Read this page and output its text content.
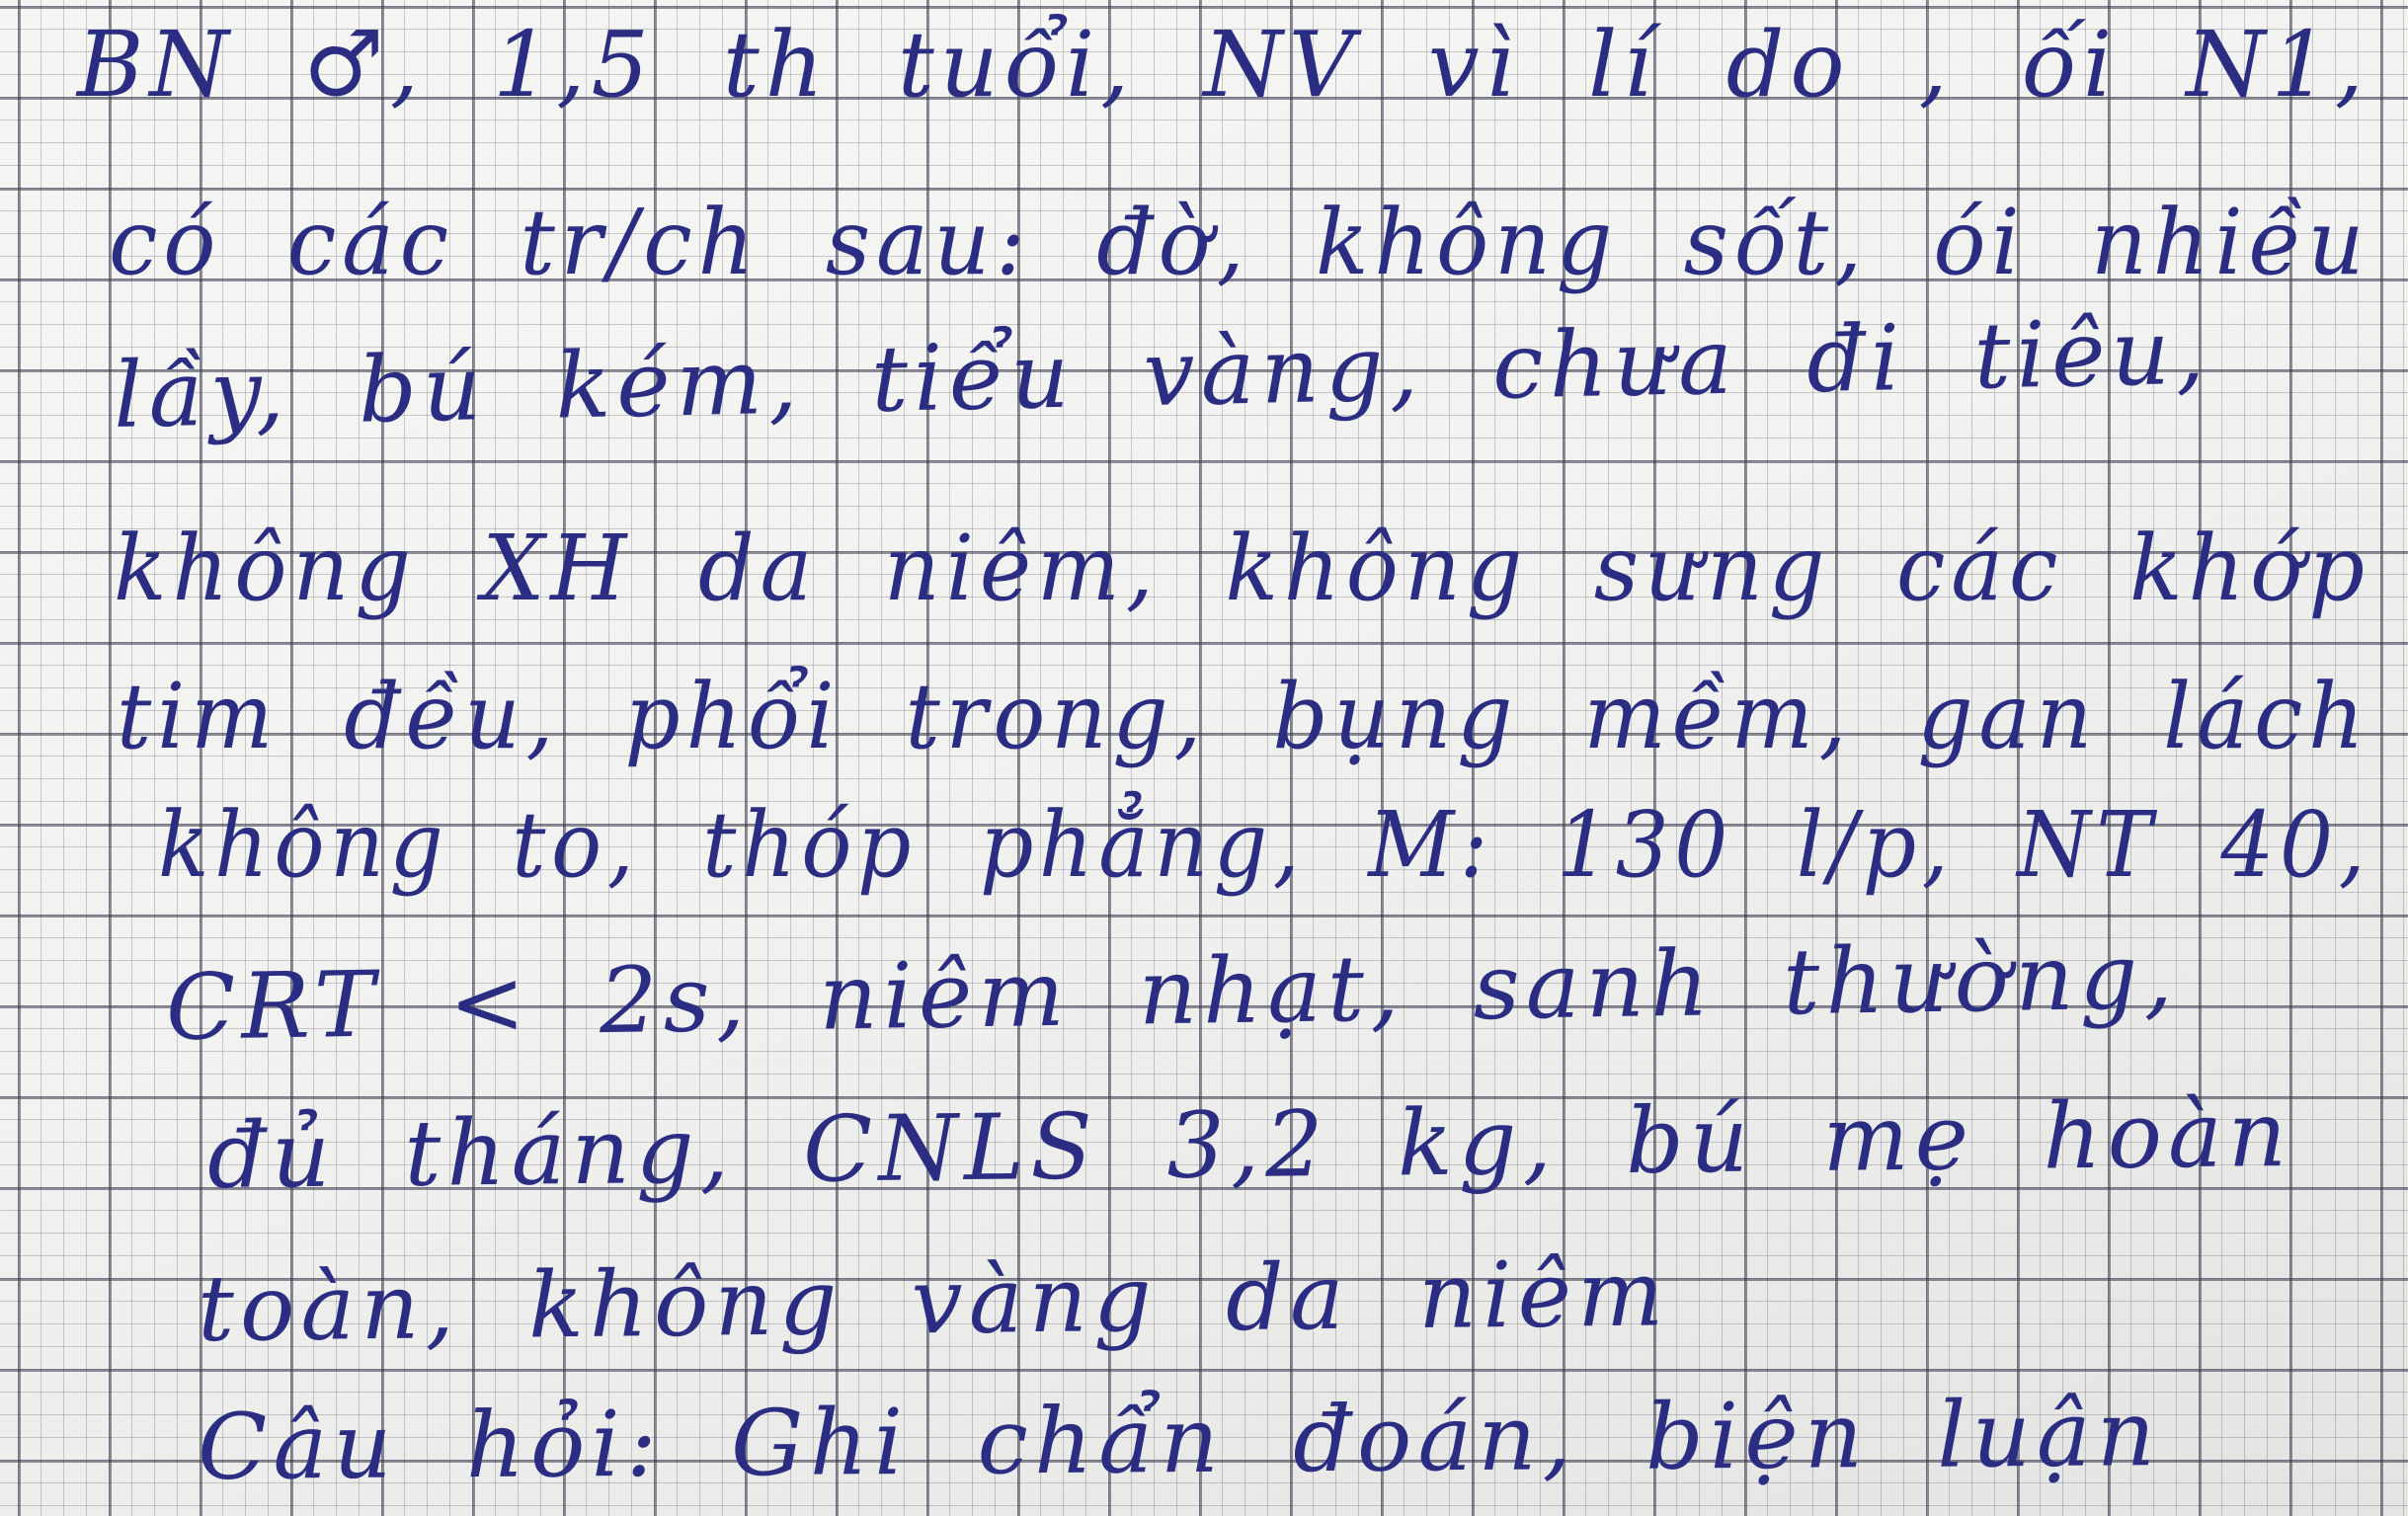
BN ♂, 1,5 th tuổi, NV vì lí do , ối N1,
có các tr/ch sau: đờ, không sốt, ói nhiều
lầy, bú kém, tiểu vàng, chưa đi tiêu,
không XH da niêm, không sưng các khớp
tim đều, phổi trong, bụng mềm, gan lách
không to, thóp phẳng, M: 130 l/p, NT 40,
CRT < 2s, niêm nhạt, sanh thường,
đủ tháng, CNLS 3,2 kg, bú mẹ hoàn
toàn, không vàng da niêm
Câu hỏi: Ghi chẩn đoán, biện luận
